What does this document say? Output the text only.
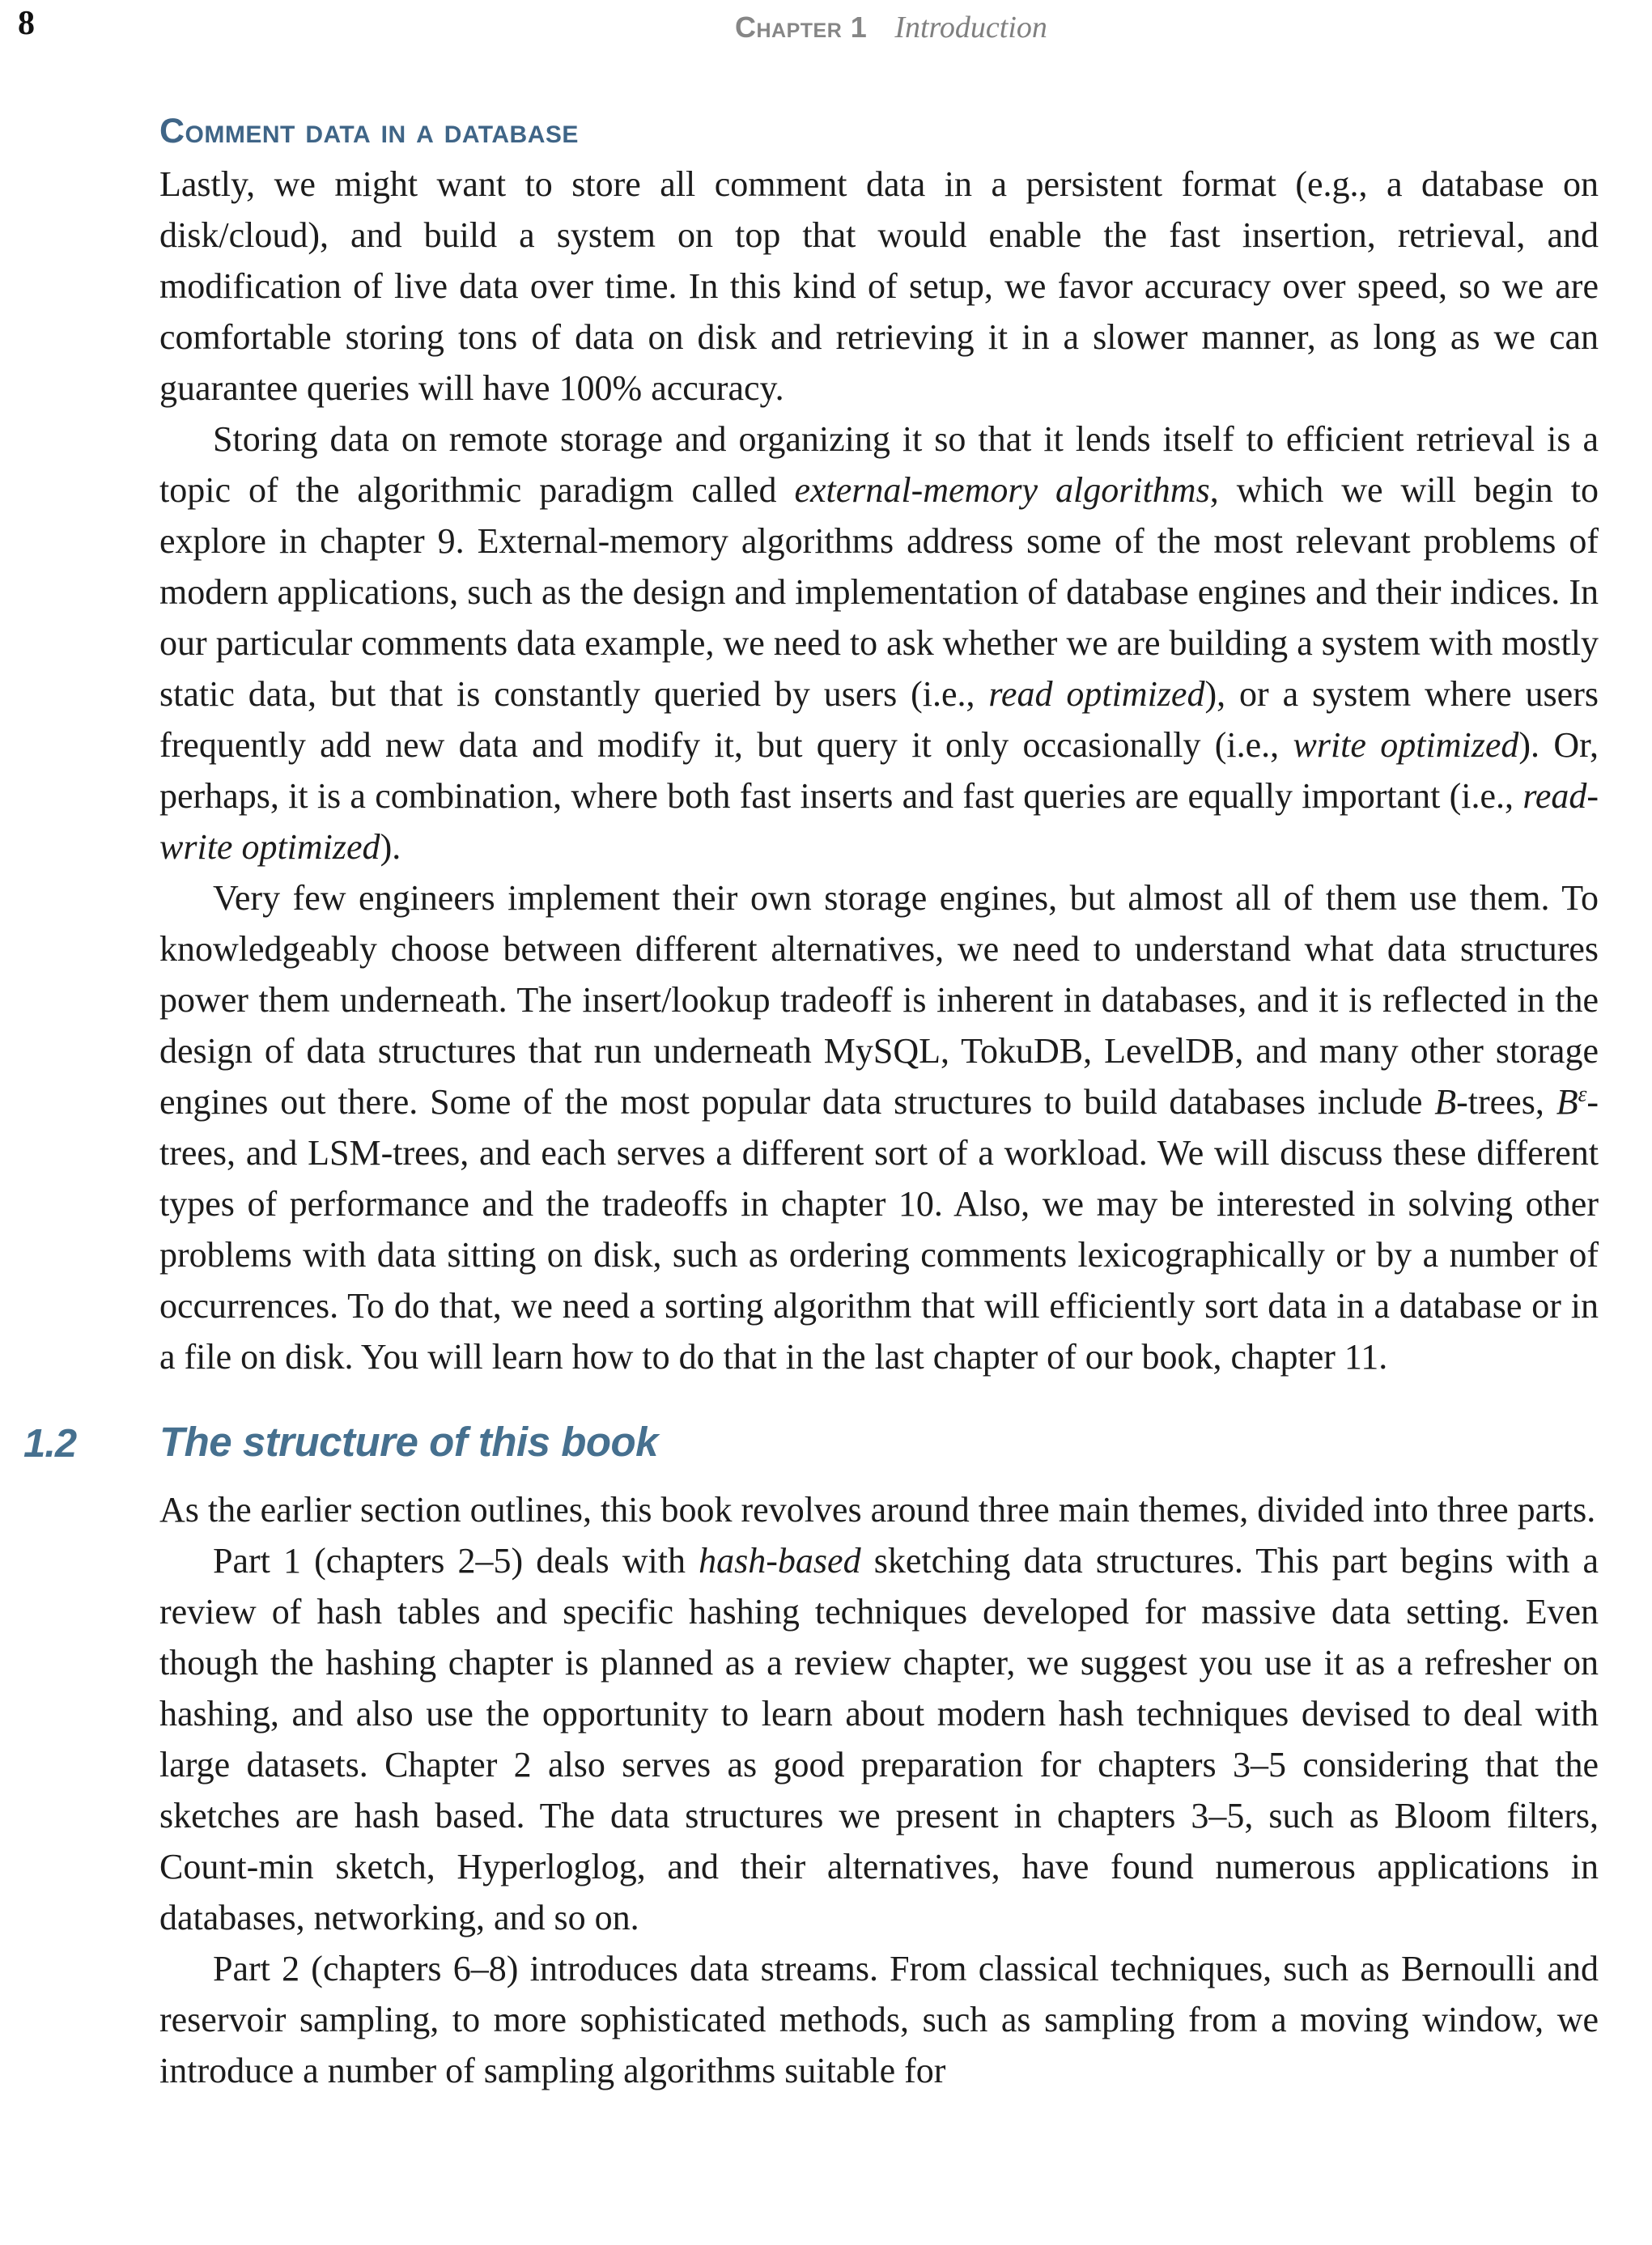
8	Chapter 1 Introduction
Comment data in a database

Lastly, we might want to store all comment data in a persistent format (e.g., a database on disk/cloud), and build a system on top that would enable the fast insertion, retrieval, and modification of live data over time. In this kind of setup, we favor accuracy over speed, so we are comfortable storing tons of data on disk and retrieving it in a slower manner, as long as we can guarantee queries will have 100% accuracy.

Storing data on remote storage and organizing it so that it lends itself to efficient retrieval is a topic of the algorithmic paradigm called external-memory algorithms, which we will begin to explore in chapter 9. External-memory algorithms address some of the most relevant problems of modern applications, such as the design and implementation of database engines and their indices. In our particular comments data example, we need to ask whether we are building a system with mostly static data, but that is constantly queried by users (i.e., read optimized), or a system where users frequently add new data and modify it, but query it only occasionally (i.e., write optimized). Or, perhaps, it is a combination, where both fast inserts and fast queries are equally important (i.e., read-write optimized).

Very few engineers implement their own storage engines, but almost all of them use them. To knowledgeably choose between different alternatives, we need to understand what data structures power them underneath. The insert/lookup tradeoff is inherent in databases, and it is reflected in the design of data structures that run underneath MySQL, TokuDB, LevelDB, and many other storage engines out there. Some of the most popular data structures to build databases include B-trees, $B^\varepsilon$-trees, and LSM-trees, and each serves a different sort of a workload. We will discuss these different types of performance and the tradeoffs in chapter 10. Also, we may be interested in solving other problems with data sitting on disk, such as ordering comments lexicographically or by a number of occurrences. To do that, we need a sorting algorithm that will efficiently sort data in a database or in a file on disk. You will learn how to do that in the last chapter of our book, chapter 11.

1.2 The structure of this book

As the earlier section outlines, this book revolves around three main themes, divided into three parts.

Part 1 (chapters 2–5) deals with hash-based sketching data structures. This part begins with a review of hash tables and specific hashing techniques developed for massive data setting. Even though the hashing chapter is planned as a review chapter, we suggest you use it as a refresher on hashing, and also use the opportunity to learn about modern hash techniques devised to deal with large datasets. Chapter 2 also serves as good preparation for chapters 3–5 considering that the sketches are hash based. The data structures we present in chapters 3–5, such as Bloom filters, Count-min sketch, Hyperloglog, and their alternatives, have found numerous applications in databases, networking, and so on.

Part 2 (chapters 6–8) introduces data streams. From classical techniques, such as Bernoulli and reservoir sampling, to more sophisticated methods, such as sampling from a moving window, we introduce a number of sampling algorithms suitable for
